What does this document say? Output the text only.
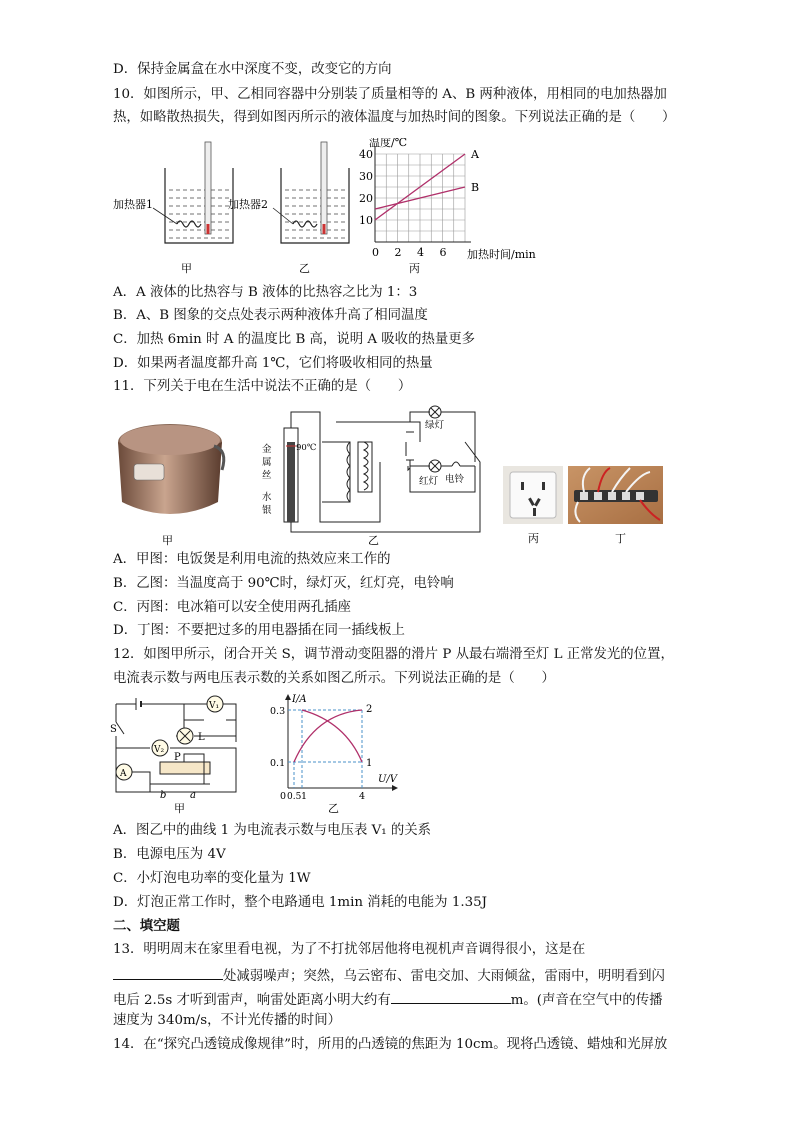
D．保持金属盒在水中深度不变，改变它的方向
10．如图所示，甲、乙相同容器中分别装了质量相等的 A、B 两种液体，用相同的电加热器加
热，如略散热损失，得到如图丙所示的液体温度与加热时间的图象。下列说法正确的是（　　）
加热器1	加热器2
甲	乙	丙
40
30
20
10
0 2 4 6
温度/℃
加热时间/min
A
B
A．A 液体的比热容与 B 液体的比热容之比为 1：3
B．A、B 图象的交点处表示两种液体升高了相同温度
C．加热 6min 时 A 的温度比 B 高，说明 A 吸收的热量更多
D．如果两者温度都升高 1℃，它们将吸收相同的热量
11．下列关于电在生活中说法不正确的是（　　）
甲
金
属
丝
水
银
90℃
绿灯
红灯 电铃
乙	丙	丁
A．甲图：电饭煲是利用电流的热效应来工作的
B．乙图：当温度高于 90℃时，绿灯灭，红灯亮，电铃响
C．丙图：电冰箱可以安全使用两孔插座
D．丁图：不要把过多的用电器插在同一插线板上
12．如图甲所示，闭合开关 S，调节滑动变阻器的滑片 P 从最右端滑至灯 L 正常发光的位置，
电流表示数与两电压表示数的关系如图乙所示。下列说法正确的是（　　）
V₁
L
V₂
A
S
P
b a
甲
I/A
U/V
0.3
0.1
0 0.5 1	4
2
1
乙
A．图乙中的曲线 1 为电流表示数与电压表 V₁ 的关系
B．电源电压为 4V
C．小灯泡电功率的变化量为 1W
D．灯泡正常工作时，整个电路通电 1min 消耗的电能为 1.35J
二、填空题
13．明明周末在家里看电视，为了不打扰邻居他将电视机声音调得很小，这是在
处减弱噪声；突然，乌云密布、雷电交加、大雨倾盆，雷雨中，明明看到闪
电后 2.5s 才听到雷声，响雷处距离小明大约有	m。(声音在空气中的传播
速度为 340m/s，不计光传播的时间）
14．在“探究凸透镜成像规律”时，所用的凸透镜的焦距为 10cm。现将凸透镜、蜡烛和光屏放
